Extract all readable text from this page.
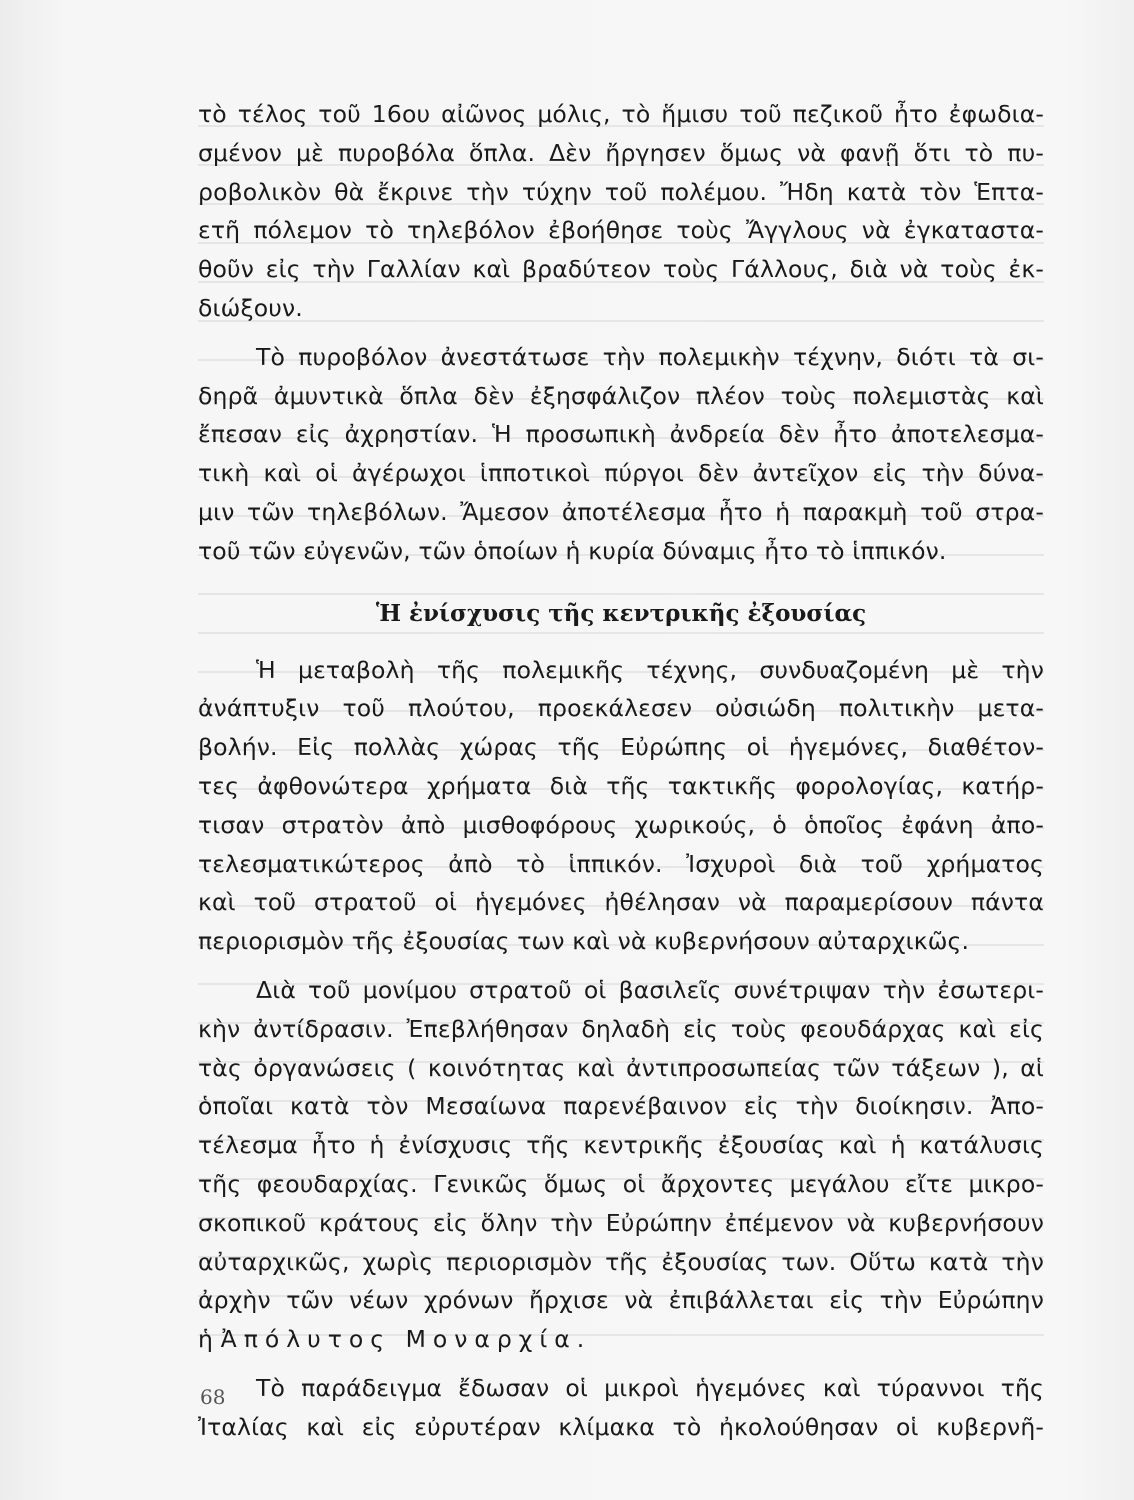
τὸ τέλος τοῦ 16ου αἰῶνος μόλις, τὸ ἥμισυ τοῦ πεζικοῦ ἦτο ἐφωδια-
σμένον μὲ πυροβόλα ὅπλα. Δὲν ἤργησεν ὅμως νὰ φανῇ ὅτι τὸ πυ-
ροβολικὸν θὰ ἔκρινε τὴν τύχην τοῦ πολέμου. Ἤδη κατὰ τὸν Ἑπτα-
ετῆ πόλεμον τὸ τηλεβόλον ἐβοήθησε τοὺς Ἄγγλους νὰ ἐγκαταστα-
θοῦν εἰς τὴν Γαλλίαν καὶ βραδύτεον τοὺς Γάλλους, διὰ νὰ τοὺς ἐκ-
διώξουν.
Τὸ πυροβόλον ἀνεστάτωσε τὴν πολεμικὴν τέχνην, διότι τὰ σι-
δηρᾶ ἀμυντικὰ ὅπλα δὲν ἐξησφάλιζον πλέον τοὺς πολεμιστὰς καὶ
ἔπεσαν εἰς ἀχρηστίαν. Ἡ προσωπικὴ ἀνδρεία δὲν ἦτο ἀποτελεσμα-
τικὴ καὶ οἱ ἀγέρωχοι ἱπποτικοὶ πύργοι δὲν ἀντεῖχον εἰς τὴν δύνα-
μιν τῶν τηλεβόλων. Ἄμεσον ἀποτέλεσμα ἦτο ἡ παρακμὴ τοῦ στρα-
τοῦ τῶν εὐγενῶν, τῶν ὁποίων ἡ κυρία δύναμις ἦτο τὸ ἱππικόν.
Ἡ ἐνίσχυσις τῆς κεντρικῆς ἐξουσίας
Ἡ μεταβολὴ τῆς πολεμικῆς τέχνης, συνδυαζομένη μὲ τὴν
ἀνάπτυξιν τοῦ πλούτου, προεκάλεσεν οὐσιώδη πολιτικὴν μετα-
βολήν. Εἰς πολλὰς χώρας τῆς Εὐρώπης οἱ ἡγεμόνες, διαθέτον-
τες ἀφθονώτερα χρήματα διὰ τῆς τακτικῆς φορολογίας, κατήρ-
τισαν στρατὸν ἀπὸ μισθοφόρους χωρικούς, ὁ ὁποῖος ἐφάνη ἀπο-
τελεσματικώτερος ἀπὸ τὸ ἱππικόν. Ἰσχυροὶ διὰ τοῦ χρήματος
καὶ τοῦ στρατοῦ οἱ ἡγεμόνες ἠθέλησαν νὰ παραμερίσουν πάντα
περιορισμὸν τῆς ἐξουσίας των καὶ νὰ κυβερνήσουν αὐταρχικῶς.
Διὰ τοῦ μονίμου στρατοῦ οἱ βασιλεῖς συνέτριψαν τὴν ἐσωτερι-
κὴν ἀντίδρασιν. Ἐπεβλήθησαν δηλαδὴ εἰς τοὺς φεουδάρχας καὶ εἰς
τὰς ὀργανώσεις ( κοινότητας καὶ ἀντιπροσωπείας τῶν τάξεων ), αἱ
ὁποῖαι κατὰ τὸν Μεσαίωνα παρενέβαινον εἰς τὴν διοίκησιν. Ἀπο-
τέλεσμα ἦτο ἡ ἐνίσχυσις τῆς κεντρικῆς ἐξουσίας καὶ ἡ κατάλυσις
τῆς φεουδαρχίας. Γενικῶς ὅμως οἱ ἄρχοντες μεγάλου εἴτε μικρο-
σκοπικοῦ κράτους εἰς ὅλην τὴν Εὐρώπην ἐπέμενον νὰ κυβερνήσουν
αὐταρχικῶς, χωρὶς περιορισμὸν τῆς ἐξουσίας των. Οὕτω κατὰ τὴν
ἀρχὴν τῶν νέων χρόνων ἤρχισε νὰ ἐπιβάλλεται εἰς τὴν Εὐρώπην
ἡ Ἀπόλυτος Μοναρχία.
Τὸ παράδειγμα ἔδωσαν οἱ μικροὶ ἡγεμόνες καὶ τύραννοι τῆς
Ἰταλίας καὶ εἰς εὐρυτέραν κλίμακα τὸ ἠκολούθησαν οἱ κυβερνῆ-
68
